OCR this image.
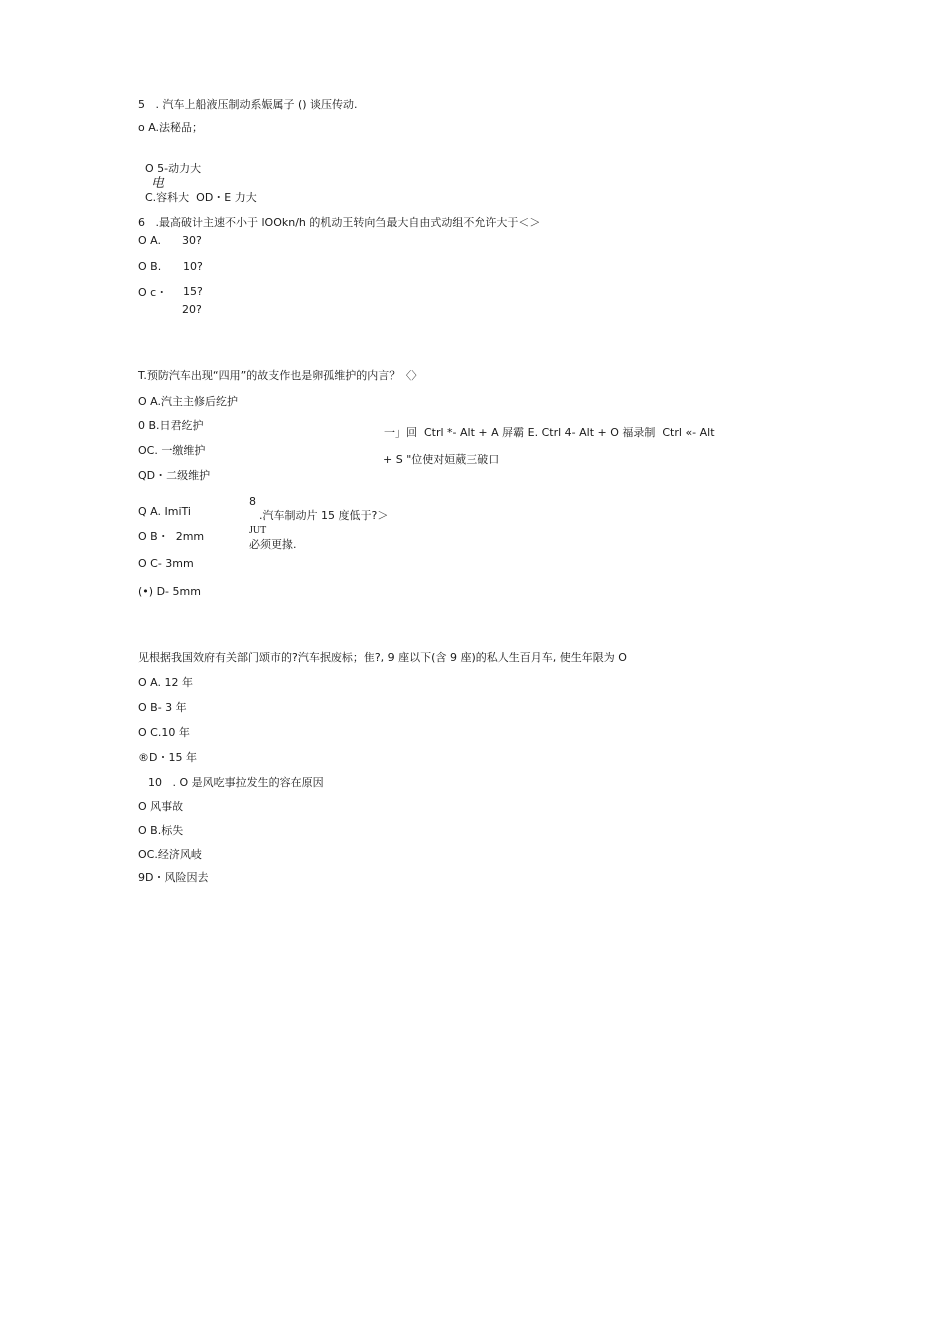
5   . 汽车上船液压制动系娠属子 () 谈压传动.
o A.法秘品；

O 5-动力大
电
C.容科大  OD・E 力大

6   .最高破计主速不小于 lOOkn/h 的机动王转向刍最大自由式动组不允许大于＜＞
O A. 30?
O B. 10?
O c・ 15?
20?
T.预防汽车出现“四用”的故支作也是卵孤维护的内言？〈〉
O A.汽主主修后纥护
0 B.日君纥护
OC. 一缴维护
QD・二级维护
一」回  Ctrl *- Alt + A 屏霸 E. Ctrl 4- Alt + O 福录制  Ctrl «- Alt
+ S "位使对姮葳三破口

8
.汽车制动片 15 度低于?＞
JUT
必须更掾.

Q A. ImiTi
O B・  2mm
O C- 3mm
(•) D- 5mm
见根据我国效府有关部门颂市的?汽车抿废标；隹?, 9 座以下(含 9 座)的私人生百月车, 使生年限为 O
O A. 12 年
O B- 3 年
O C.10 年
®D・15 年
10   . O 是风吃事拉发生的容在原因
O 风事故
O B.标失
OC.经济风岐
9D・风险因去
